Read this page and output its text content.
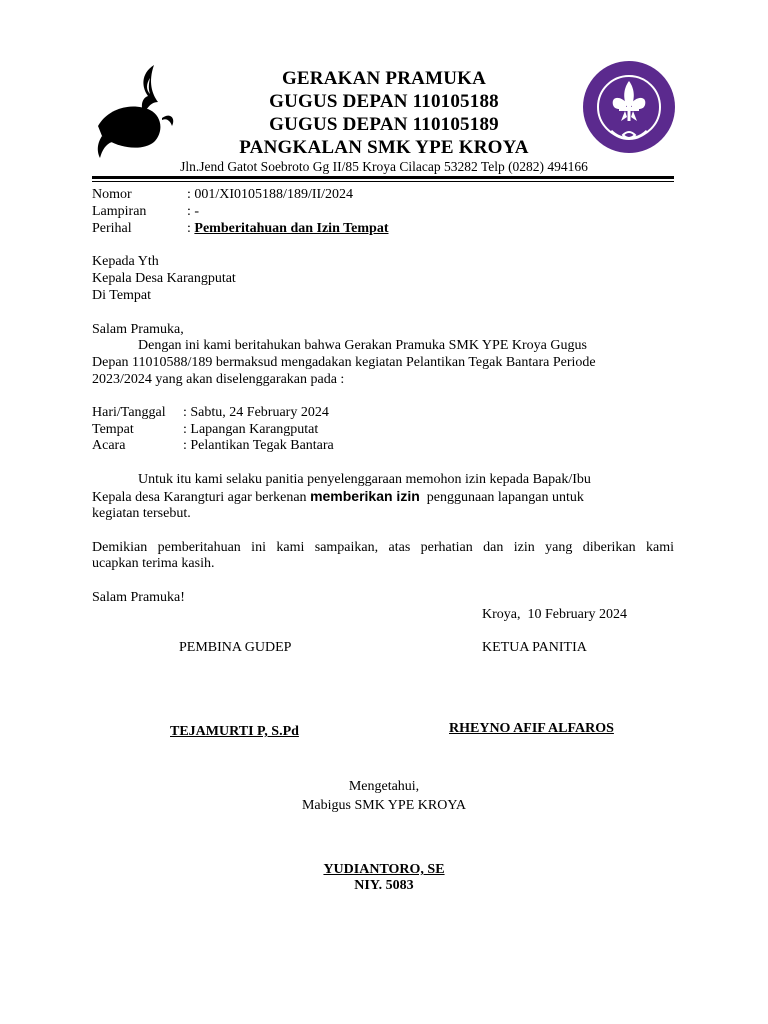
GERAKAN PRAMUKA
GUGUS DEPAN 110105188
GUGUS DEPAN 110105189
PANGKALAN SMK YPE KROYA
Jln.Jend Gatot Soebroto Gg II/85 Kroya Cilacap 53282 Telp (0282) 494166
Nomor	: 001/XI0105188/189/II/2024
Lampiran	: -
Perihal	: Pemberitahuan dan Izin Tempat
Kepada Yth
Kepala Desa Karangputat
Di Tempat
Salam Pramuka,
Dengan ini kami beritahukan bahwa Gerakan Pramuka SMK YPE Kroya Gugus
Depan 11010588/189 bermaksud mengadakan kegiatan Pelantikan Tegak Bantara Periode
2023/2024 yang akan diselenggarakan pada :
Hari/Tanggal : Sabtu, 24 February 2024
Tempat	: Lapangan Karangputat
Acara	: Pelantikan Tegak Bantara
Untuk itu kami selaku panitia penyelenggaraan memohon izin kepada Bapak/Ibu
Kepala desa Karangturi agar berkenan memberikan izin  penggunaan lapangan untuk
kegiatan tersebut.
Demikian pemberitahuan ini kami sampaikan, atas perhatian dan izin yang diberikan kami
ucapkan terima kasih.
Salam Pramuka!
Kroya,  10 February 2024
PEMBINA GUDEP	KETUA PANITIA
TEJAMURTI P, S.Pd	RHEYNO AFIF ALFAROS
Mengetahui,
Mabigus SMK YPE KROYA
YUDIANTORO, SE
NIY. 5083
